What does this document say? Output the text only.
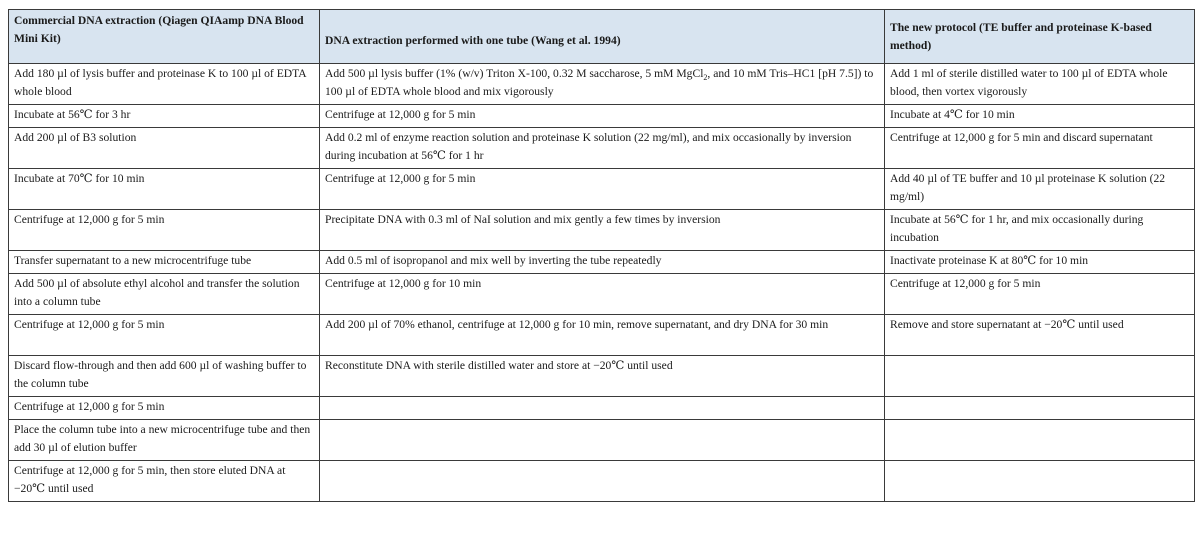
Commercial DNA extraction (Qiagen QIAamp DNA Blood Mini Kit)	DNA extraction performed with one tube (Wang et al. 1994)	The new protocol (TE buffer and proteinase K-based method)
Add 180 µl of lysis buffer and proteinase K to 100 µl of EDTA whole blood	Add 500 µl lysis buffer (1% (w/v) Triton X-100, 0.32 M saccharose, 5 mM MgCl$_2$, and 10 mM Tris–HC1 [pH 7.5]) to 100 µl of EDTA whole blood and mix vigorously	Add 1 ml of sterile distilled water to 100 µl of EDTA whole blood, then vortex vigorously
Incubate at 56℃ for 3 hr	Centrifuge at 12,000 g for 5 min	Incubate at 4℃ for 10 min
Add 200 µl of B3 solution	Add 0.2 ml of enzyme reaction solution and proteinase K solution (22 mg/ml), and mix occasionally by inversion during incubation at 56℃ for 1 hr	Centrifuge at 12,000 g for 5 min and discard supernatant
Incubate at 70℃ for 10 min	Centrifuge at 12,000 g for 5 min	Add 40 µl of TE buffer and 10 µl proteinase K solution (22 mg/ml)
Centrifuge at 12,000 g for 5 min	Precipitate DNA with 0.3 ml of NaI solution and mix gently a few times by inversion	Incubate at 56℃ for 1 hr, and mix occasionally during incubation
Transfer supernatant to a new microcentrifuge tube	Add 0.5 ml of isopropanol and mix well by inverting the tube repeatedly	Inactivate proteinase K at 80℃ for 10 min
Add 500 µl of absolute ethyl alcohol and transfer the solution into a column tube	Centrifuge at 12,000 g for 10 min	Centrifuge at 12,000 g for 5 min
Centrifuge at 12,000 g for 5 min	Add 200 µl of 70% ethanol, centrifuge at 12,000 g for 10 min, remove supernatant, and dry DNA for 30 min	Remove and store supernatant at −20℃ until used
Discard flow-through and then add 600 µl of washing buffer to the column tube	Reconstitute DNA with sterile distilled water and store at −20℃ until used	
Centrifuge at 12,000 g for 5 min		
Place the column tube into a new microcentrifuge tube and then add 30 µl of elution buffer		
Centrifuge at 12,000 g for 5 min, then store eluted DNA at −20℃ until used		
